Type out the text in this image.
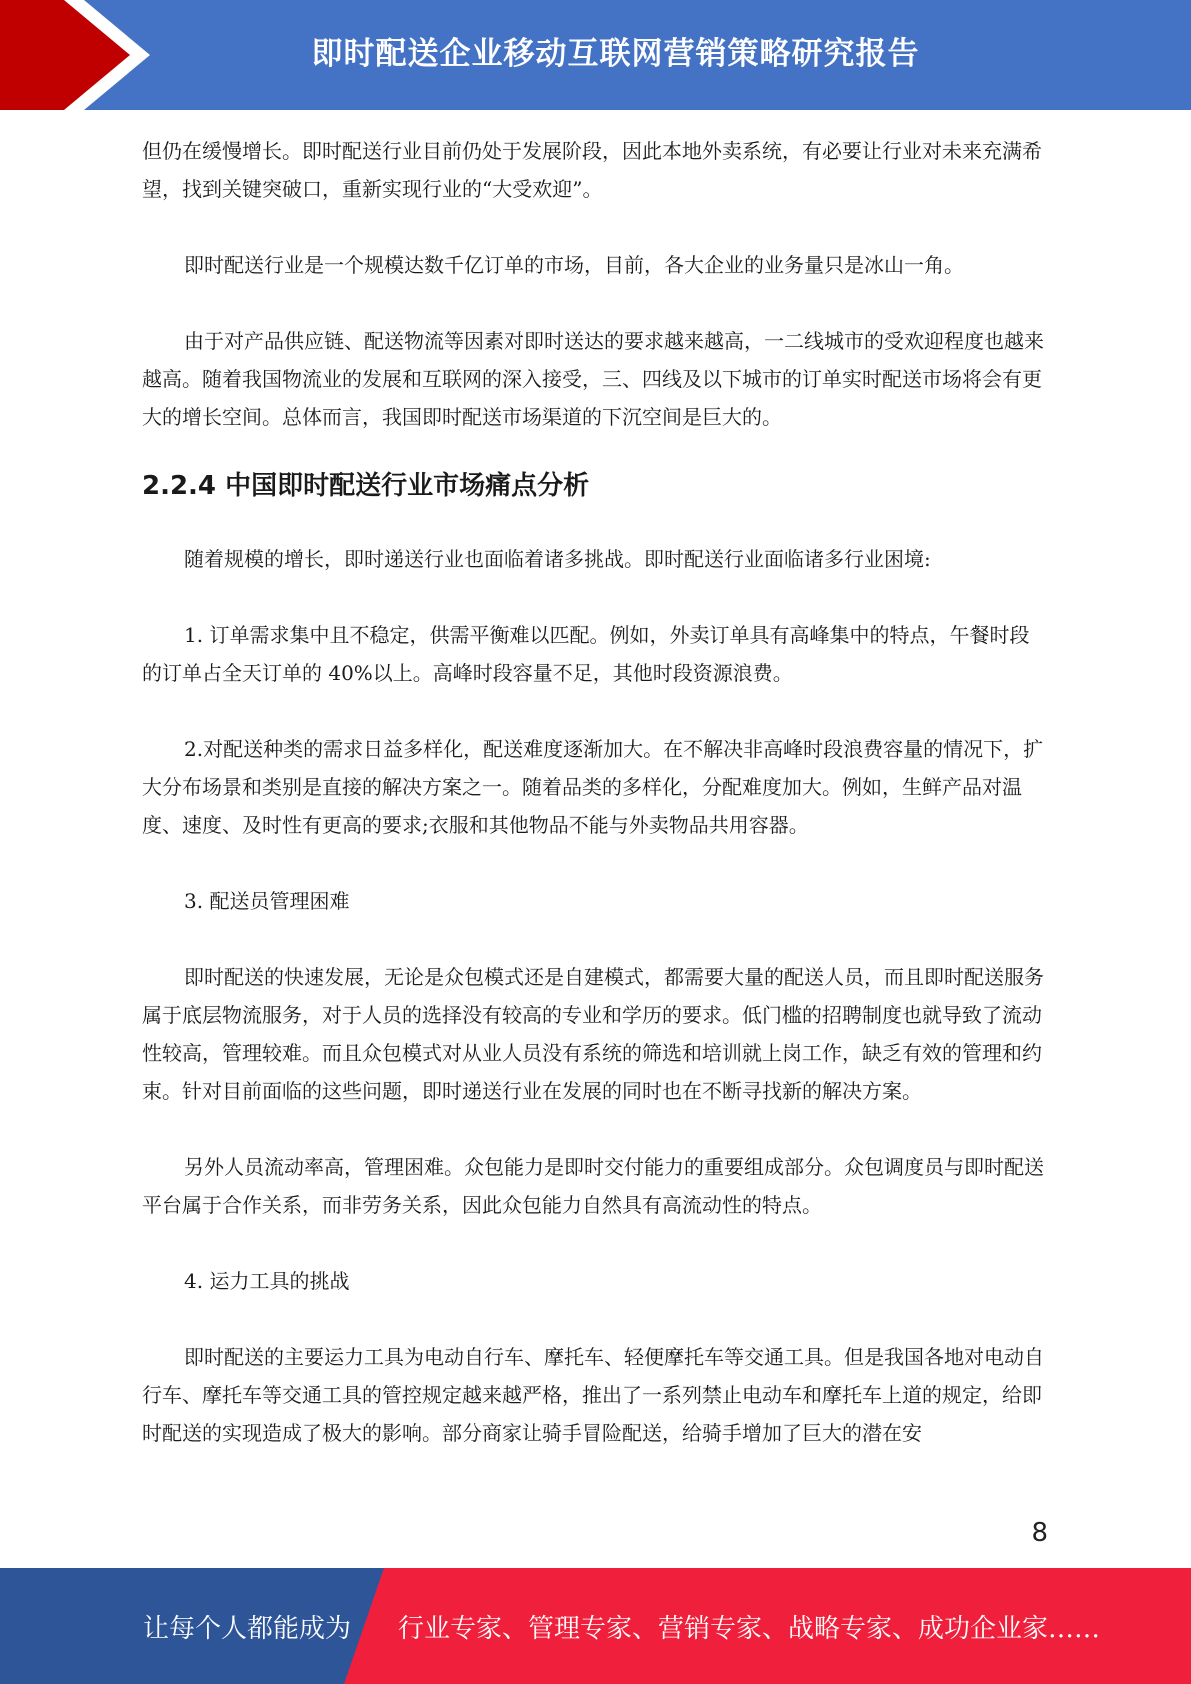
即时配送企业移动互联网营销策略研究报告

但仍在缓慢增长。即时配送行业目前仍处于发展阶段，因此本地外卖系统，有必要让行业对未来充满希望，找到关键突破口，重新实现行业的“大受欢迎”。

即时配送行业是一个规模达数千亿订单的市场，目前，各大企业的业务量只是冰山一角。

由于对产品供应链、配送物流等因素对即时送达的要求越来越高，一二线城市的受欢迎程度也越来越高。随着我国物流业的发展和互联网的深入接受，三、四线及以下城市的订单实时配送市场将会有更大的增长空间。总体而言，我国即时配送市场渠道的下沉空间是巨大的。

2.2.4 中国即时配送行业市场痛点分析

随着规模的增长，即时递送行业也面临着诸多挑战。即时配送行业面临诸多行业困境:

1. 订单需求集中且不稳定，供需平衡难以匹配。例如，外卖订单具有高峰集中的特点，午餐时段的订单占全天订单的 40%以上。高峰时段容量不足，其他时段资源浪费。

2.对配送种类的需求日益多样化，配送难度逐渐加大。在不解决非高峰时段浪费容量的情况下，扩大分布场景和类别是直接的解决方案之一。随着品类的多样化，分配难度加大。例如，生鲜产品对温度、速度、及时性有更高的要求;衣服和其他物品不能与外卖物品共用容器。

3. 配送员管理困难

即时配送的快速发展，无论是众包模式还是自建模式，都需要大量的配送人员，而且即时配送服务属于底层物流服务，对于人员的选择没有较高的专业和学历的要求。低门槛的招聘制度也就导致了流动性较高，管理较难。而且众包模式对从业人员没有系统的筛选和培训就上岗工作，缺乏有效的管理和约束。针对目前面临的这些问题，即时递送行业在发展的同时也在不断寻找新的解决方案。

另外人员流动率高，管理困难。众包能力是即时交付能力的重要组成部分。众包调度员与即时配送平台属于合作关系，而非劳务关系，因此众包能力自然具有高流动性的特点。

4. 运力工具的挑战

即时配送的主要运力工具为电动自行车、摩托车、轻便摩托车等交通工具。但是我国各地对电动自行车、摩托车等交通工具的管控规定越来越严格，推出了一系列禁止电动车和摩托车上道的规定，给即时配送的实现造成了极大的影响。部分商家让骑手冒险配送，给骑手增加了巨大的潜在安

8
让每个人都能成为 行业专家、管理专家、营销专家、战略专家、成功企业家……
